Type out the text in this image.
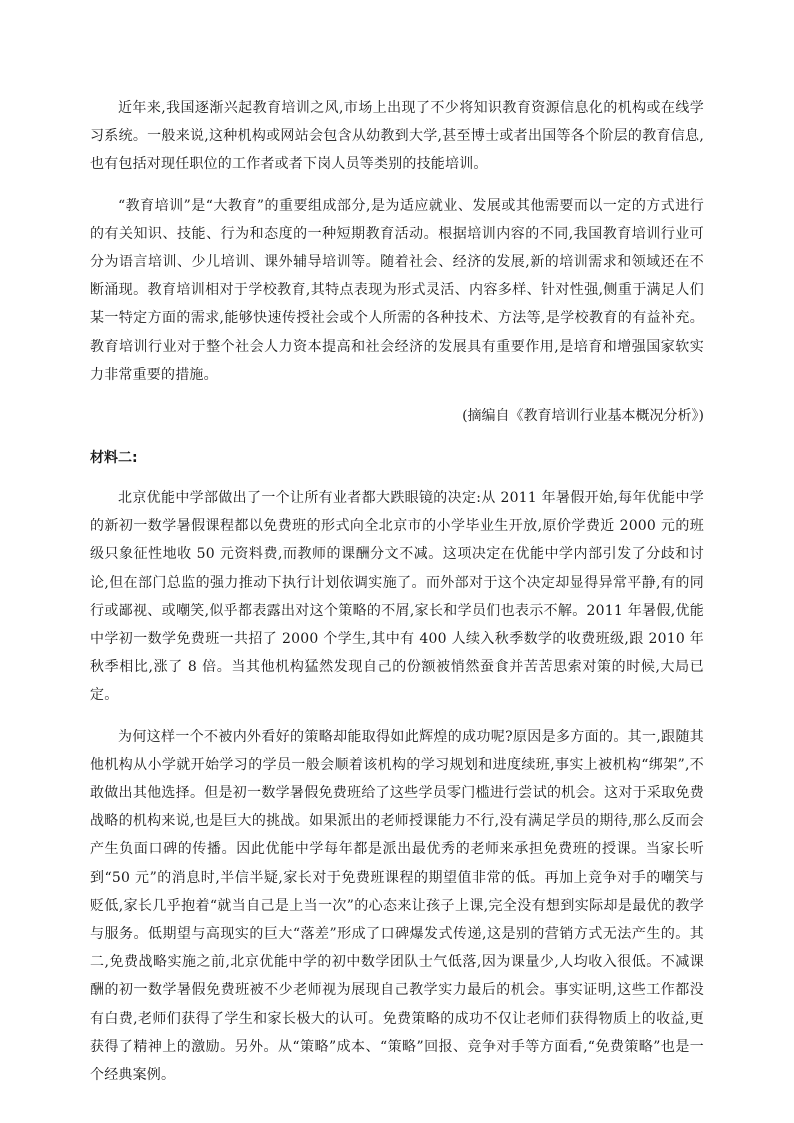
近年来,我国逐渐兴起教育培训之风,市场上出现了不少将知识教育资源信息化的机构或在线学习系统。一般来说,这种机构或网站会包含从幼教到大学,甚至博士或者出国等各个阶层的教育信息,也有包括对现任职位的工作者或者下岗人员等类别的技能培训。

“教育培训”是“大教育”的重要组成部分,是为适应就业、发展或其他需要而以一定的方式进行的有关知识、技能、行为和态度的一种短期教育活动。根据培训内容的不同,我国教育培训行业可分为语言培训、少儿培训、课外辅导培训等。随着社会、经济的发展,新的培训需求和领域还在不断涌现。教育培训相对于学校教育,其特点表现为形式灵活、内容多样、针对性强,侧重于满足人们某一特定方面的需求,能够快速传授社会或个人所需的各种技术、方法等,是学校教育的有益补充。教育培训行业对于整个社会人力资本提高和社会经济的发展具有重要作用,是培育和增强国家软实力非常重要的措施。

(摘编自《教育培训行业基本概况分析》)

材料二:

北京优能中学部做出了一个让所有业者都大跌眼镜的决定:从 2011 年暑假开始,每年优能中学的新初一数学暑假课程都以免费班的形式向全北京市的小学毕业生开放,原价学费近 2000 元的班级只象征性地收 50 元资料费,而教师的课酬分文不减。这项决定在优能中学内部引发了分歧和讨论,但在部门总监的强力推动下执行计划依调实施了。而外部对于这个决定却显得异常平静,有的同行或鄙视、或嘲笑,似乎都表露出对这个策略的不屑,家长和学员们也表示不解。2011 年暑假,优能中学初一数学免费班一共招了 2000 个学生,其中有 400 人续入秋季数学的收费班级,跟 2010 年秋季相比,涨了 8 倍。当其他机构猛然发现自己的份额被悄然蚕食并苦苦思索对策的时候,大局已定。

为何这样一个不被内外看好的策略却能取得如此辉煌的成功呢?原因是多方面的。其一,跟随其他机构从小学就开始学习的学员一般会顺着该机构的学习规划和进度续班,事实上被机构“绑架”,不敢做出其他选择。但是初一数学暑假免费班给了这些学员零门槛进行尝试的机会。这对于采取免费战略的机构来说,也是巨大的挑战。如果派出的老师授课能力不行,没有满足学员的期待,那么反而会产生负面口碑的传播。因此优能中学每年都是派出最优秀的老师来承担免费班的授课。当家长听到“50 元”的消息时,半信半疑,家长对于免费班课程的期望值非常的低。再加上竞争对手的嘲笑与贬低,家长几乎抱着“就当自己是上当一次”的心态来让孩子上课,完全没有想到实际却是最优的教学与服务。低期望与高现实的巨大“落差”形成了口碑爆发式传递,这是别的营销方式无法产生的。其二,免费战略实施之前,北京优能中学的初中数学团队士气低落,因为课量少,人均收入很低。不减课酬的初一数学暑假免费班被不少老师视为展现自己教学实力最后的机会。事实证明,这些工作都没有白费,老师们获得了学生和家长极大的认可。免费策略的成功不仅让老师们获得物质上的收益,更获得了精神上的激励。另外。从“策略”成本、“策略”回报、竞争对手等方面看,“免费策略”也是一个经典案例。
